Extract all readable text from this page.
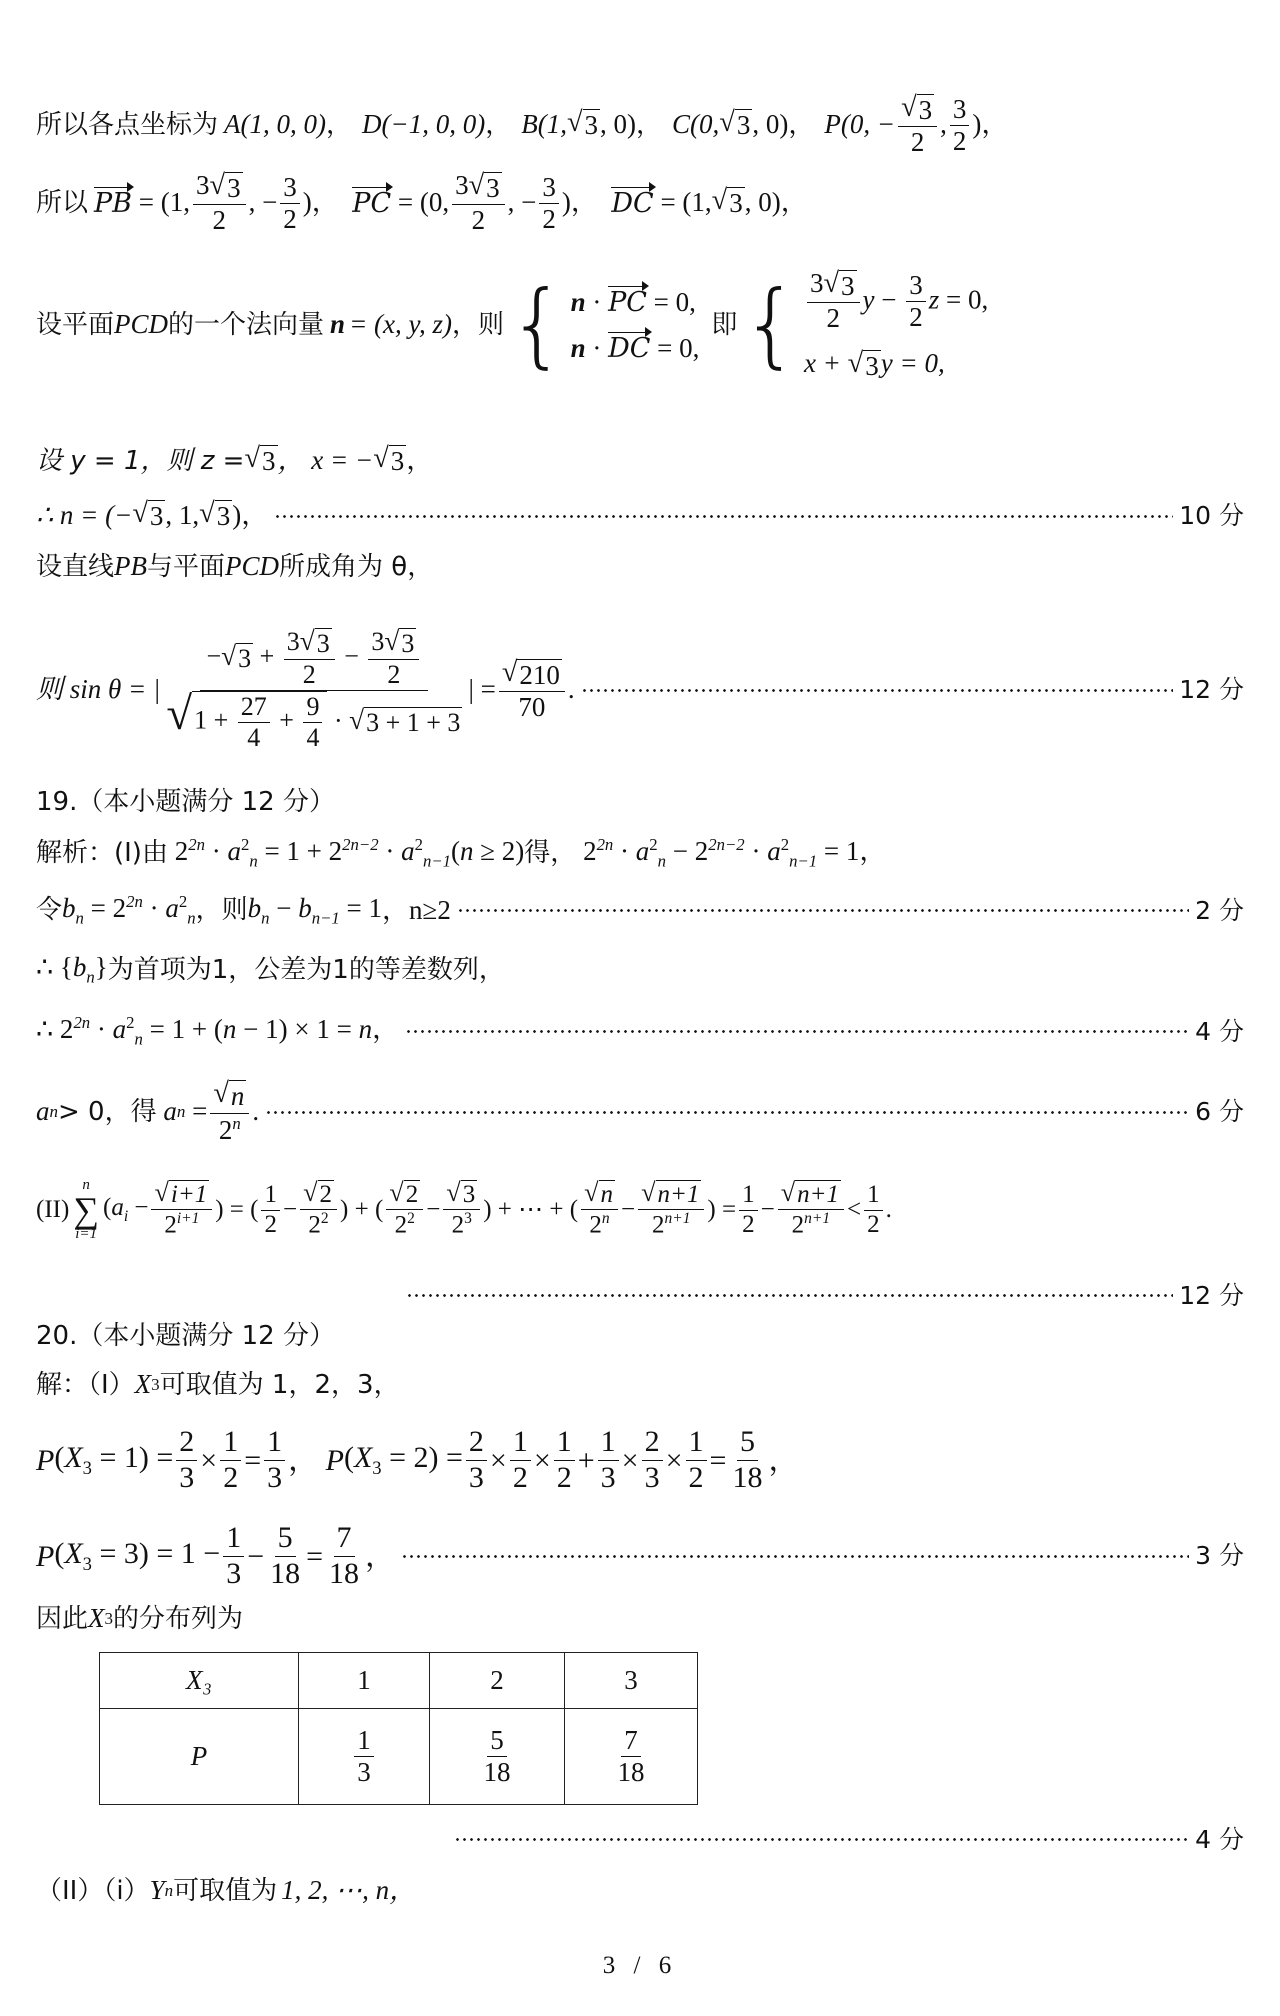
所以各点坐标为 A(1, 0, 0) ， D(−1, 0, 0) ， B(1, √ 3 , 0) ， C(0, √ 3 , 0) ， P(0, − $\frac{√ 3}{2}$ , $\frac{3}{2}$ )，
所以 PB = (1, $\frac{3 √ 3}{2}$ , − $\frac{3}{2}$ )， PC = (0, $\frac{3 √ 3}{2}$ , − $\frac{3}{2}$ )， DC = (1, √ 3 , 0)，
设平面 PCD 的一个法向量 n = (x, y, z) ，则 { n · PC = 0,
n · DC = 0,
即 { $\frac{3 √ 3}{2}$ $y - \frac{3}{2}$ z = 0,
x + √ 3 y = 0,
设 y = 1，则 z = √ 3 ， x = − √ 3 ，
∴ n = (− √ 3 , 1, √ 3 )，	10 分
设直线 PB 与平面 PCD 所成角为 θ，
则 sin θ = | $\frac{- √ 3 + \frac{3 √ 3}{2} - \frac{3 √ 3}{2}}{√ 1 + \frac{27}{4} + \frac{9}{4} \cdot √ 3 + 1 + 3}$ | = $\frac{√ 210}{70}$ .	12 分
19.（本小题满分 12 分）
解析：(I)由 $2^{2n} \cdot a^2_n = 1 + 2^{2n-2} \cdot a^2_{n-1}(n \ge 2)$ 得， $2^{2n} \cdot a^2_n - 2^{2n-2} \cdot a^2_{n-1} = 1$，
令 $b_n = 2^{2n} \cdot a^2_n$ ，则 $b_n - b_{n-1} = 1$ ，n≥2	2 分
∴ $\{b_n\}$ 为首项为1，公差为1的等差数列，
∴ $2^{2n} \cdot a^2_n = 1 + (n - 1) \times 1 = n$，	4 分
a n > 0，得 a $n = \frac{√ n}{2^n}$ .	6 分
(II)
n
∑
i=1
($a_i - \frac{√ i+1}{2^{i+1}}$ ) = ( $\frac{1}{2} - \frac{√ 2}{2^2}$ ) + ( $\frac{√ 2}{2^2} - \frac{√ 3}{2^3}$ ) + ⋯ + ( $\frac{√ n}{2^n} - \frac{√ n+1}{2^{n+1}}$ ) = $\frac{1}{2} - \frac{√ n+1}{2^{n+1}} < \frac{1}{2}$ .
12 分
20.（本小题满分 12 分）
解：（I） X 3 可取值为 1，2，3，
P $(X_3 = 1) = \frac{2}{3} \times \frac{1}{2} = \frac{1}{3}$ ， P $(X_3 = 2) = \frac{2}{3} \times \frac{1}{2} \times \frac{1}{2} + \frac{1}{3} \times \frac{2}{3} \times \frac{1}{2} = \frac{5}{18}$ ，
P $(X_3 = 3) = 1 - \frac{1}{3} - \frac{5}{18} = \frac{7}{18}$ ，	3 分
因此 X 3 的分布列为
X₃	1	2	3
P	$\frac{1}{3}$	$\frac{5}{18}$	$\frac{7}{18}$
4 分
（II）（i） Y n 可取值为 1, 2, ⋯, n，
3 / 6
